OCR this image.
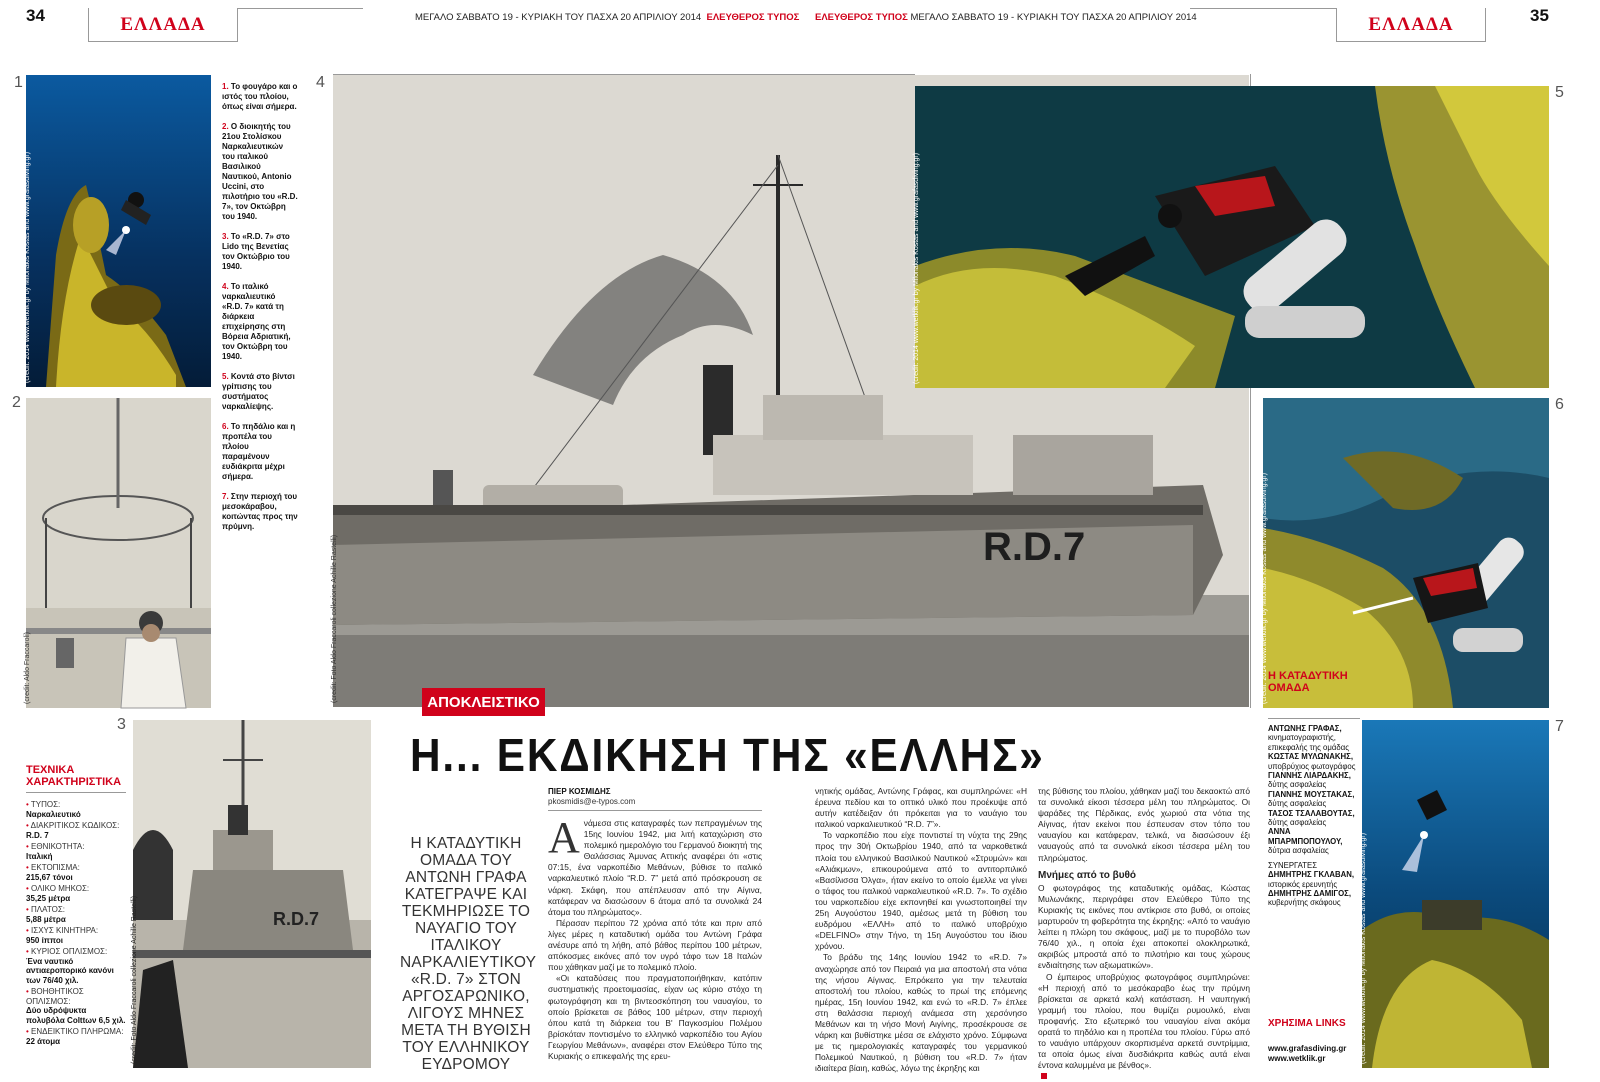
34	ΕΛΛΑΔΑ	ΜΕΓΑΛΟ ΣΑΒΒΑΤΟ 19 - ΚΥΡΙΑΚΗ ΤΟΥ ΠΑΣΧΑ 20 ΑΠΡΙΛΙΟΥ 2014 ΕΛΕΥΘΕΡΟΣ ΤΥΠΟΣ ΕΛΕΥΘΕΡΟΣ ΤΥΠΟΣ ΜΕΓΑΛΟ ΣΑΒΒΑΤΟ 19 - ΚΥΡΙΑΚΗ ΤΟΥ ΠΑΣΧΑ 20 ΑΠΡΙΛΙΟΥ 2014	ΕΛΛΑΔΑ	35
1
(credit: 2014 www.wetklik.gr by Milonakis Kostas and www.grafasdiving.gr)
1. Το φουγάρο και ο ιστός του πλοίου, όπως είναι σήμερα.
2. Ο διοικητής του 21ου Στολίσκου Ναρκαλιευτικών του ιταλικού Βασιλικού Ναυτικού, Antonio Uccini, στο πιλοτήριο του «R.D. 7», τον Οκτώβρη του 1940.
3. Το «R.D. 7» στο Lido της Βενετίας τον Οκτώβριο του 1940.
4. Το ιταλικό ναρκαλιευτικό «R.D. 7» κατά τη διάρκεια επιχείρησης στη Βόρεια Αδριατική, τον Οκτώβρη του 1940.
5. Κοντά στο βίντσι γρίπισης του συστήματος ναρκαλίεψης.
6. Το πηδάλιο και η προπέλα του πλοίου παραμένουν ευδιάκριτα μέχρι σήμερα.
7. Στην περιοχή του μεσοκάραβου, κοιτώντας προς την πρύμνη.
2
(credit: Aldo Fraccaroli)
ΤΕΧΝΙΚΑ ΧΑΡΑΚΤΗΡΙΣΤΙΚΑ
• ΤΥΠΟΣ:
Ναρκαλιευτικό
• ΔΙΑΚΡΙΤΙΚΟΣ ΚΩΔΙΚΟΣ:
R.D. 7
• ΕΘΝΙΚΟΤΗΤΑ:
Ιταλική
• ΕΚΤΟΠΙΣΜΑ:
215,67 τόνοι
• ΟΛΙΚΟ ΜΗΚΟΣ:
35,25 μέτρα
• ΠΛΑΤΟΣ:
5,88 μέτρα
• ΙΣΧΥΣ ΚΙΝΗΤΗΡΑ:
950 ίπποι
• ΚΥΡΙΟΣ ΟΠΛΙΣΜΟΣ:
Ένα ναυτικό αντιαεροπορικό κανόνι των 76/40 χιλ.
• ΒΟΗΘΗΤΙΚΟΣ ΟΠΛΙΣΜΟΣ:
Δύο υδρόψυκτα πολυβόλα Colttων 6,5 χιλ.
• ΕΝΔΕΙΚΤΙΚΟ ΠΛΗΡΩΜΑ:
22 άτομα
3
R.D.7
(credit: Foto Aldo Fraccaroli collezione Achille Rastelli)
4
R.D.7
(credit: Foto Aldo Fraccaroli collezione Achille Rastelli)
(credit: 2014 www.wetklik.gr by Milonakis Kostas and www.grafasdiving.gr)
5
(credit: 2014 www.wetklik.gr by Milonakis Kostas and www.grafasdiving.gr)
6
ΑΠΟΚΛΕΙΣΤΙΚΟ
Η... ΕΚΔΙΚΗΣΗ ΤΗΣ «ΕΛΛΗΣ»
Η ΚΑΤΑΔΥΤΙΚΗ ΟΜΑΔΑ ΤΟΥ ΑΝΤΩΝΗ ΓΡΑΦΑ ΚΑΤΕΓΡΑΨΕ ΚΑΙ ΤΕΚΜΗΡΙΩΣΕ ΤΟ ΝΑΥΑΓΙΟ ΤΟΥ ΙΤΑΛΙΚΟΥ ΝΑΡΚΑΛΙΕΥΤΙΚΟΥ «R.D. 7» ΣΤΟΝ ΑΡΓΟΣΑΡΩΝΙΚΟ, ΛΙΓΟΥΣ ΜΗΝΕΣ ΜΕΤΑ ΤΗ ΒΥΘΙΣΗ ΤΟΥ ΕΛΛΗΝΙΚΟΥ ΕΥΔΡΟΜΟΥ
ΠΙΕΡ ΚΟΣΜΙΔΗΣ
pkosmidis@e-typos.com
Α νάμεσα στις καταγραφές των πεπραγμένων της 15ης Ιουνίου 1942, μια λιτή καταχώριση στο πολεμικό ημερολόγιο του Γερμανού διοικητή της Θαλάσσιας Άμυνας Αττικής αναφέρει ότι «στις 07:15, ένα ναρκοπέδιο Μεθάνων, βύθισε το ιταλικό ναρκαλιευτικό πλοίο “R.D. 7” μετά από πρόσκρουση σε νάρκη. Σκάφη, που απέπλευσαν από την Αίγινα, κατάφεραν να διασώσουν 6 άτομα από τα συνολικά 24 άτομα του πληρώματος».

Πέρασαν περίπου 72 χρόνια από τότε και πριν από λίγες μέρες η καταδυτική ομάδα του Αντώνη Γράφα ανέσυρε από τη λήθη, από βάθος περίπου 100 μέτρων, απόκοσμες εικόνες από τον υγρό τάφο των 18 Ιταλών που χάθηκαν μαζί με το πολεμικό πλοίο.

«Οι καταδύσεις που πραγματοποιήθηκαν, κατόπιν συστηματικής προετοιμασίας, είχαν ως κύριο στόχο τη φωτογράφηση και τη βιντεοσκόπηση του ναυαγίου, το οποίο βρίσκεται σε βάθος 100 μέτρων, στην περιοχή όπου κατά τη διάρκεια του Β' Παγκοσμίου Πολέμου βρίσκόταν ποντισμένο το ελληνικό ναρκοπέδιο του Αγίου Γεωργίου Μεθάνων», αναφέρει στον Ελεύθερο Τύπο της Κυριακής ο επικεφαλής της ερευ-

νητικής ομάδας, Αντώνης Γράφας, και συμπληρώνει: «Η έρευνα πεδίου και το οπτικό υλικό που προέκυψε από αυτήν κατέδειξαν ότι πρόκειται για το ναυάγιο του ιταλικού ναρκαλιευτικού “R.D. 7”».

Το ναρκοπέδιο που είχε ποντιστεί τη νύχτα της 29ης προς την 30ή Οκτωβρίου 1940, από τα ναρκοθετικά πλοία του ελληνικού Βασιλικού Ναυτικού «Στρυμών» και «Αλιάκμων», επικουρούμενα από το αντιτορπιλικό «Βασίλισσα Όλγα», ήταν εκείνο το οποίο έμελλε να γίνει ο τάφος του ιταλικού ναρκαλιευτικού «R.D. 7». Το σχέδιο του ναρκοπεδίου είχε εκπονηθεί και γνωστοποιηθεί την 25η Αυγούστου 1940, αμέσως μετά τη βύθιση του ευδρόμου «ΕΛΛΗ» από το ιταλικό υποβρύχιο «DELFINO» στην Τήνο, τη 15η Αυγούστου του ίδιου χρόνου.

Το βράδυ της 14ης Ιουνίου 1942 το «R.D. 7» αναχώρησε από τον Πειραιά για μια αποστολή στα νότια της νήσου Αίγινας. Επρόκειτο για την τελευταία αποστολή του πλοίου, καθώς το πρωί της επόμενης ημέρας, 15η Ιουνίου 1942, και ενώ το «R.D. 7» έπλεε στη θαλάσσια περιοχή ανάμεσα στη χερσόνησο Μεθάνων και τη νήσο Μονή Αιγίνης, προσέκρουσε σε νάρκη και βυθίστηκε μέσα σε ελάχιστο χρόνο. Σύμφωνα με τις ημερολογιακές καταγραφές του γερμανικού Πολεμικού Ναυτικού, η βύθιση του «R.D. 7» ήταν ιδιαίτερα βίαιη, καθώς, λόγω της έκρηξης και

της βύθισης του πλοίου, χάθηκαν μαζί του δεκαοκτώ από τα συνολικά είκοσι τέσσερα μέλη του πληρώματος. Οι ψαράδες της Πέρδικας, ενός χωριού στα νότια της Αίγινας, ήταν εκείνοι που έσπευσαν στον τόπο του ναυαγίου και κατάφεραν, τελικά, να διασώσουν έξι ναυαγούς από τα συνολικά είκοσι τέσσερα μέλη του πληρώματος.

Μνήμες από το βυθό

Ο φωτογράφος της καταδυτικής ομάδας, Κώστας Μυλωνάκης, περιγράφει στον Ελεύθερο Τύπο της Κυριακής τις εικόνες που αντίκρισε στο βυθό, οι οποίες μαρτυρούν τη φοβερότητα της έκρηξης: «Από το ναυάγιο λείπει η πλώρη του σκάφους, μαζί με το πυροβόλο των 76/40 χιλ., η οποία έχει αποκοπεί ολοκληρωτικά, ακριβώς μπροστά από το πιλοτήριο και τους χώρους ενδιαίτησης των αξιωματικών».

Ο έμπειρος υποβρύχιος φωτογράφος συμπληρώνει: «Η περιοχή από το μεσόκαραβο έως την πρύμνη βρίσκεται σε αρκετά καλή κατάσταση. Η ναυπηγική γραμμή του πλοίου, που θυμίζει ρυμουλκό, είναι προφανής. Στο εξωτερικό του ναυαγίου είναι ακόμα ορατά το πηδάλιο και η προπέλα του πλοίου. Γύρω από το ναυάγιο υπάρχουν σκορπισμένα αρκετά συντρίμμια, τα οποία όμως είναι δυσδιάκριτα καθώς αυτά είναι έντονα καλυμμένα με βένθος».

Η ΚΑΤΑΔΥΤΙΚΗ ΟΜΑΔΑ
ΑΝΤΩΝΗΣ ΓΡΑΦΑΣ, κινηματογραφιστής, επικεφαλής της ομάδας
ΚΩΣΤΑΣ ΜΥΛΩΝΑΚΗΣ, υποβρύχιος φωτογράφος
ΓΙΑΝΝΗΣ ΛΙΑΡΔΑΚΗΣ, δύτης ασφαλείας
ΓΙΑΝΝΗΣ ΜΟΥΣΤΑΚΑΣ, δύτης ασφαλείας
ΤΑΣΟΣ ΤΣΑΛΑΒΟΥΤΑΣ, δύτης ασφαλείας
ΑΝΝΑ ΜΠΑΡΜΠΟΠΟΥΛΟΥ, δύτρια ασφαλείας
ΣΥΝΕΡΓΑΤΕΣ
ΔΗΜΗΤΡΗΣ ΓΚΛΑΒΑΝ, ιστορικός ερευνητής
ΔΗΜΗΤΡΗΣ ΔΑΜΙΓΟΣ, κυβερνήτης σκάφους
ΧΡΗΣΙΜΑ LINKS
www.grafasdiving.gr
www.wetklik.gr	(credit: 2014 www.wetklik.gr by Milonakis Kostas and www.grafasdiving.gr)
7
